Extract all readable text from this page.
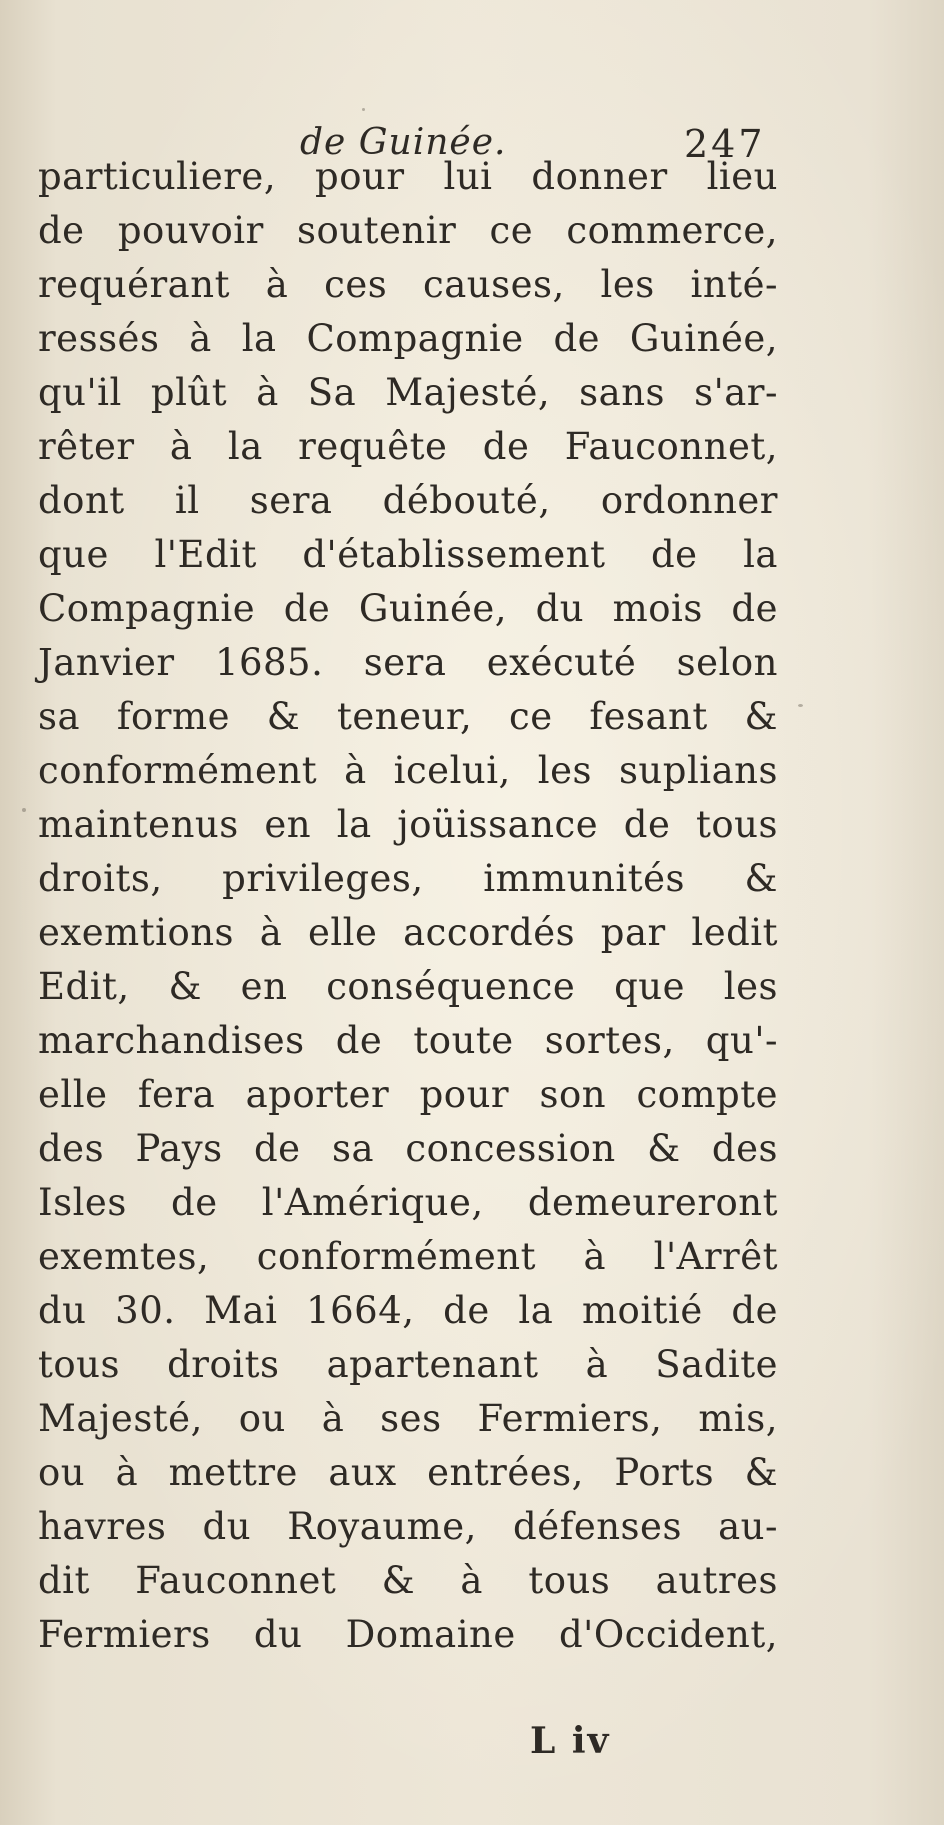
de Guinée.	247
particuliere, pour lui donner lieu
de pouvoir soutenir ce commerce,
requérant à ces causes, les inté-
ressés à la Compagnie de Guinée,
qu'il plût à Sa Majesté, sans s'ar-
rêter à la requête de Fauconnet,
dont il sera débouté, ordonner
que l'Edit d'établissement de la
Compagnie de Guinée, du mois de
Janvier 1685. sera exécuté selon
sa forme & teneur, ce fesant &
conformément à icelui, les suplians
maintenus en la joüissance de tous
droits, privileges, immunités &
exemtions à elle accordés par ledit
Edit, & en conséquence que les
marchandises de toute sortes, qu'-
elle fera aporter pour son compte
des Pays de sa concession & des
Isles de l'Amérique, demeureront
exemtes, conformément à l'Arrêt
du 30. Mai 1664, de la moitié de
tous droits apartenant à Sadite
Majesté, ou à ses Fermiers, mis,
ou à mettre aux entrées, Ports &
havres du Royaume, défenses au-
dit Fauconnet & à tous autres
Fermiers du Domaine d'Occident,
L iv
